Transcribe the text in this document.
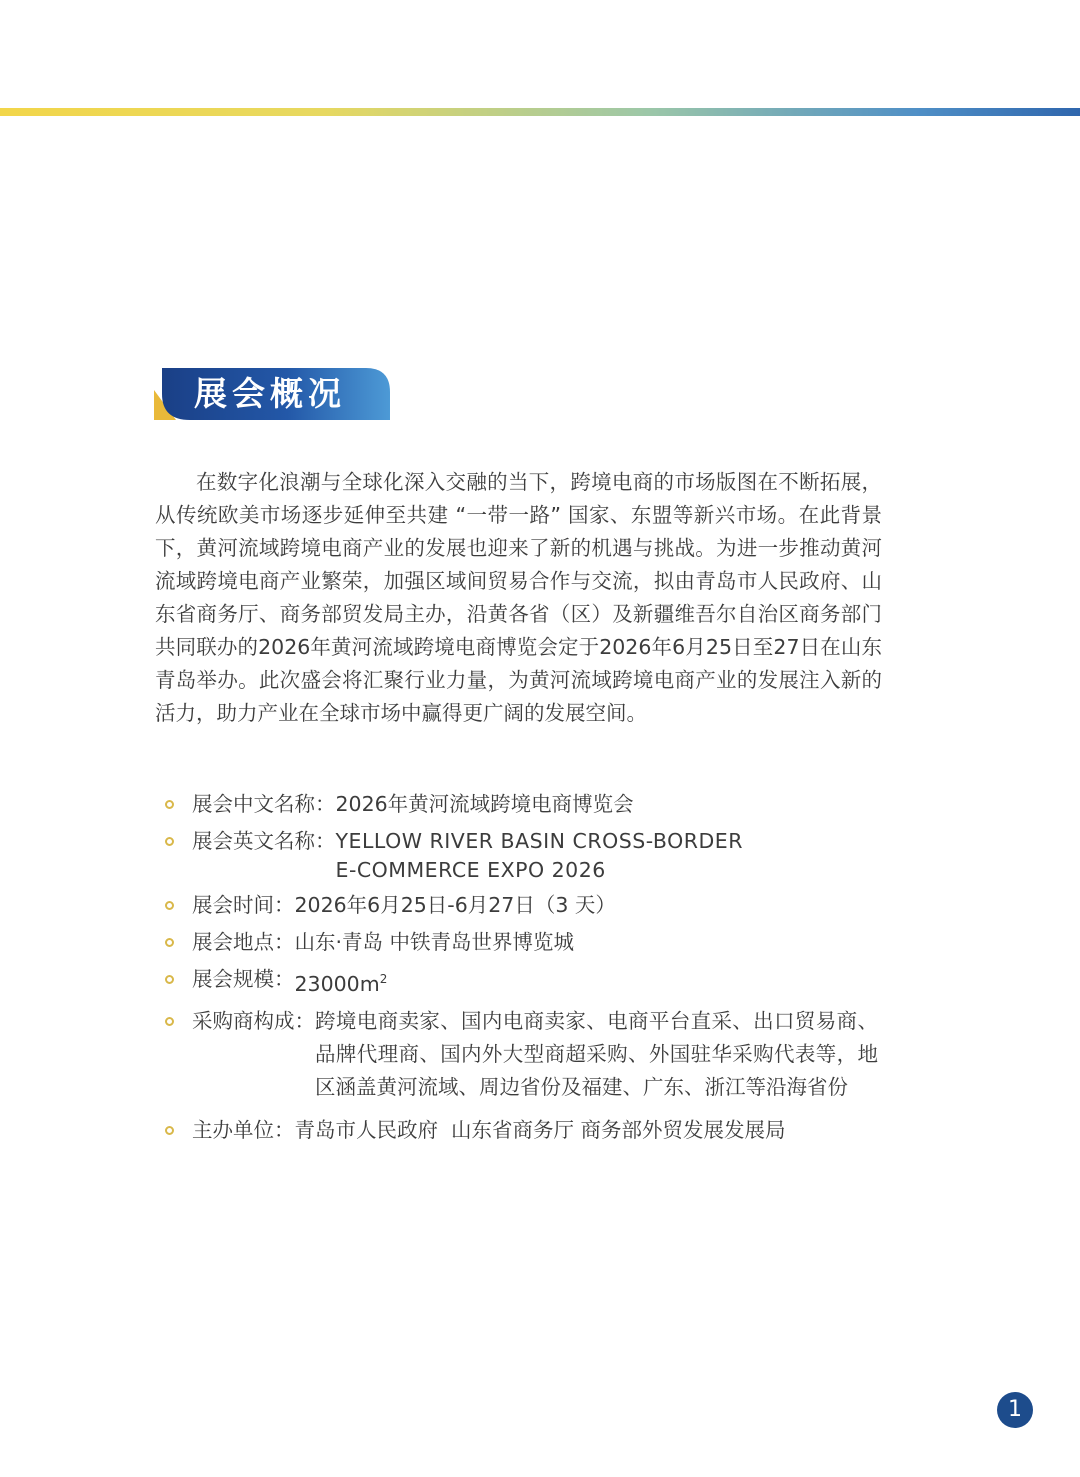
展会概况

在数字化浪潮与全球化深入交融的当下，跨境电商的市场版图在不断拓展，从传统欧美市场逐步延伸至共建 “一带一路” 国家、东盟等新兴市场。在此背景下，黄河流域跨境电商产业的发展也迎来了新的机遇与挑战。为进一步推动黄河流域跨境电商产业繁荣，加强区域间贸易合作与交流，拟由青岛市人民政府、山东省商务厅、商务部贸发局主办，沿黄各省（区）及新疆维吾尔自治区商务部门共同联办的2026年黄河流域跨境电商博览会定于2026年6月25日至27日在山东青岛举办。此次盛会将汇聚行业力量，为黄河流域跨境电商产业的发展注入新的活力，助力产业在全球市场中赢得更广阔的发展空间。

展会中文名称： 2026年黄河流域跨境电商博览会
展会英文名称： YELLOW RIVER BASIN CROSS-BORDER
E-COMMERCE EXPO 2026
展会时间： 2026年6月25日-6月27日（3 天）
展会地点： 山东·青岛 中铁青岛世界博览城
展会规模： $23000m^2$
采购商构成： 跨境电商卖家、国内电商卖家、电商平台直采、出口贸易商、品牌代理商、国内外大型商超采购、外国驻华采购代表等，地区涵盖黄河流域、周边省份及福建、广东、浙江等沿海省份
主办单位： 青岛市人民政府  山东省商务厅 商务部外贸发展发展局
1
